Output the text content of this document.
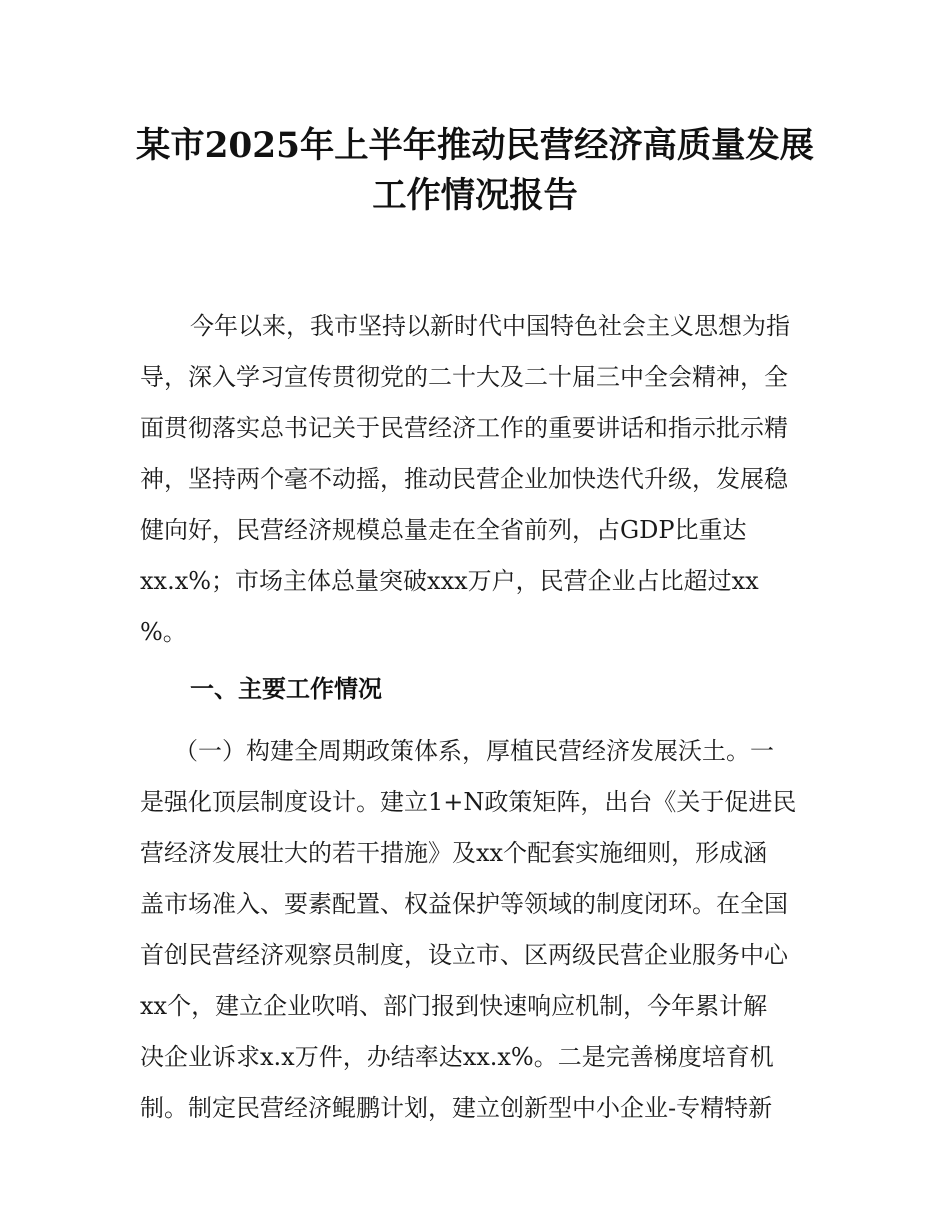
某市2025年上半年推动民营经济高质量发展
工作情况报告
今年以来，我市坚持以新时代中国特色社会主义思想为指
导，深入学习宣传贯彻党的二十大及二十届三中全会精神，全
面贯彻落实总书记关于民营经济工作的重要讲话和指示批示精
神，坚持两个毫不动摇，推动民营企业加快迭代升级，发展稳
健向好，民营经济规模总量走在全省前列，占GDP比重达
xx.x%；市场主体总量突破xxx万户，民营企业占比超过xx
%。
一、主要工作情况
（一）构建全周期政策体系，厚植民营经济发展沃土。一
是强化顶层制度设计。建立1+N政策矩阵，出台《关于促进民
营经济发展壮大的若干措施》及xx个配套实施细则，形成涵
盖市场准入、要素配置、权益保护等领域的制度闭环。在全国
首创民营经济观察员制度，设立市、区两级民营企业服务中心
xx个，建立企业吹哨、部门报到快速响应机制，今年累计解
决企业诉求x.x万件，办结率达xx.x%。二是完善梯度培育机
制。制定民营经济鲲鹏计划，建立创新型中小企业-专精特新
